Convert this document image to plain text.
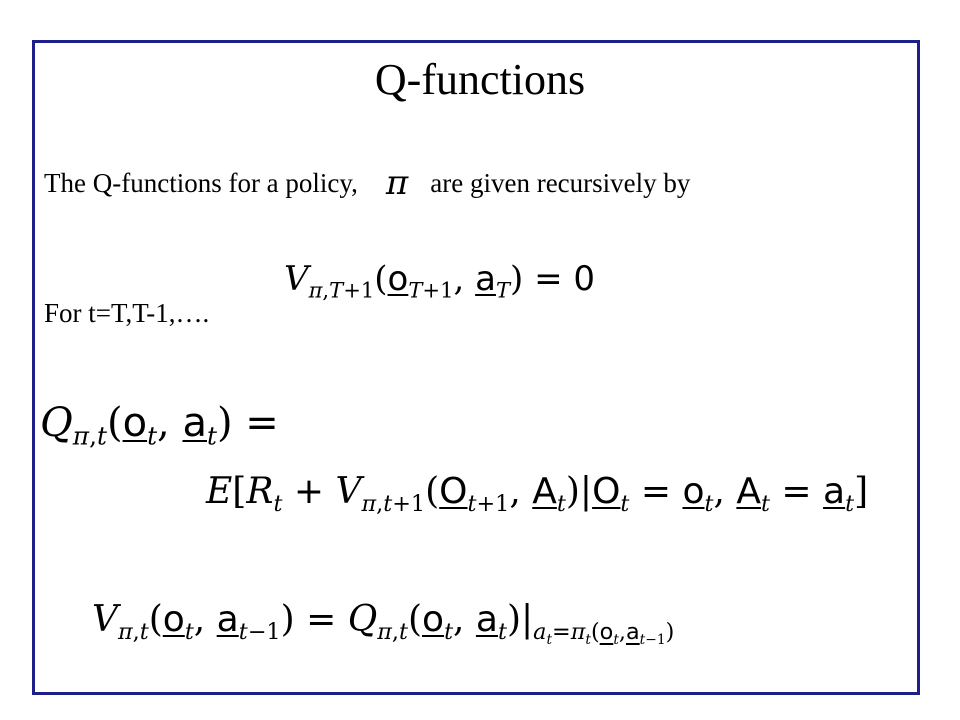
Q-functions
The Q-functions for a policy, π are given recursively by
For t=T,T-1,….
$V_{\pi,T+1}(o_{T+1}$, $a_T) = 0$
$Q_{\pi,t}(o_t$, $a_t$) =
$E[R_t + V_{\pi,t+1}(O_{t+1}$, $A_t)|O_t = o_t$, $A_t = a_t$]
$V_{\pi,t}(o_t$, $a_{t-1}) = Q_{\pi,t}(o_t$, $a_t)|_{a_t=\pi_t(o_t,a_{t-1})}$
